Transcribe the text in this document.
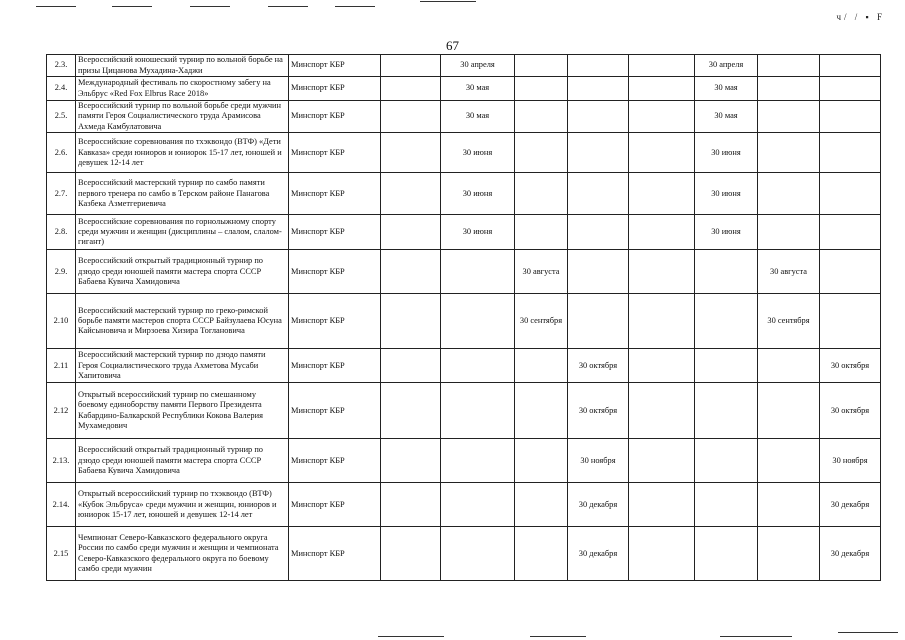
ч/ / ▪ F
67
2.3.	Всероссийский юношеский турнир по вольной борьбе на призы Цицанова Мухадина-Хаджи	Минспорт КБР		30 апреля				30 апреля		
2.4.	Международный фестиваль по скоростному забегу на Эльбрус «Red Fox Elbrus Race 2018»	Минспорт КБР		30 мая				30 мая		
2.5.	Всероссийский турнир по вольной борьбе среди мужчин памяти Героя Социалистического труда Арамисова Ахмеда Камбулатовича	Минспорт КБР		30 мая				30 мая		
2.6.	Всероссийские соревнования по тхэквондо (ВТФ) «Дети Кавказа» среди юниоров и юниорок 15-17 лет, юношей и девушек 12-14 лет	Минспорт КБР		30 июня				30 июня		
2.7.	Всероссийский мастерский турнир по самбо памяти первого тренера по самбо в Терском районе Панагова Казбека Азметгериевича	Минспорт КБР		30 июня				30 июня		
2.8.	Всероссийские соревнования по горнолыжному спорту среди мужчин и женщин (дисциплины – слалом, слалом-гигант)	Минспорт КБР		30 июня				30 июня		
2.9.	Всероссийский открытый традиционный турнир по дзюдо среди юношей памяти мастера спорта СССР Бабаева Кувича Хамидовича	Минспорт КБР			30 августа				30 августа	
2.10	Всероссийский мастерский турнир по греко-римской борьбе памяти мастеров спорта СССР Байзулаева Юсуна Кайсыновича и Мирзоева Хизира Тоглановича	Минспорт КБР			30 сентября				30 сентября	
2.11	Всероссийский мастерский турнир по дзюдо памяти Героя Социалистического труда Ахметова Мусаби Хапитовича	Минспорт КБР				30 октября				30 октября
2.12	Открытый всероссийский турнир по смешанному боевому единоборству памяти Первого Президента Кабардино-Балкарской Республики Кокова Валерия Мухамедович	Минспорт КБР				30 октября				30 октября
2.13.	Всероссийский открытый традиционный турнир по дзюдо среди юношей памяти мастера спорта СССР Бабаева Кувича Хамидовича	Минспорт КБР				30 ноября				30 ноября
2.14.	Открытый всероссийский турнир по тхэквондо (ВТФ) «Кубок Эльбруса» среди мужчин и женщин, юниоров и юниорок 15-17 лет, юношей и девушек 12-14 лет	Минспорт КБР				30 декабря				30 декабря
2.15	Чемпионат Северо-Кавказского федерального округа России по самбо среди мужчин и женщин и чемпионата Северо-Кавказского федерального округа по боевому самбо среди мужчин	Минспорт КБР				30 декабря				30 декабря
